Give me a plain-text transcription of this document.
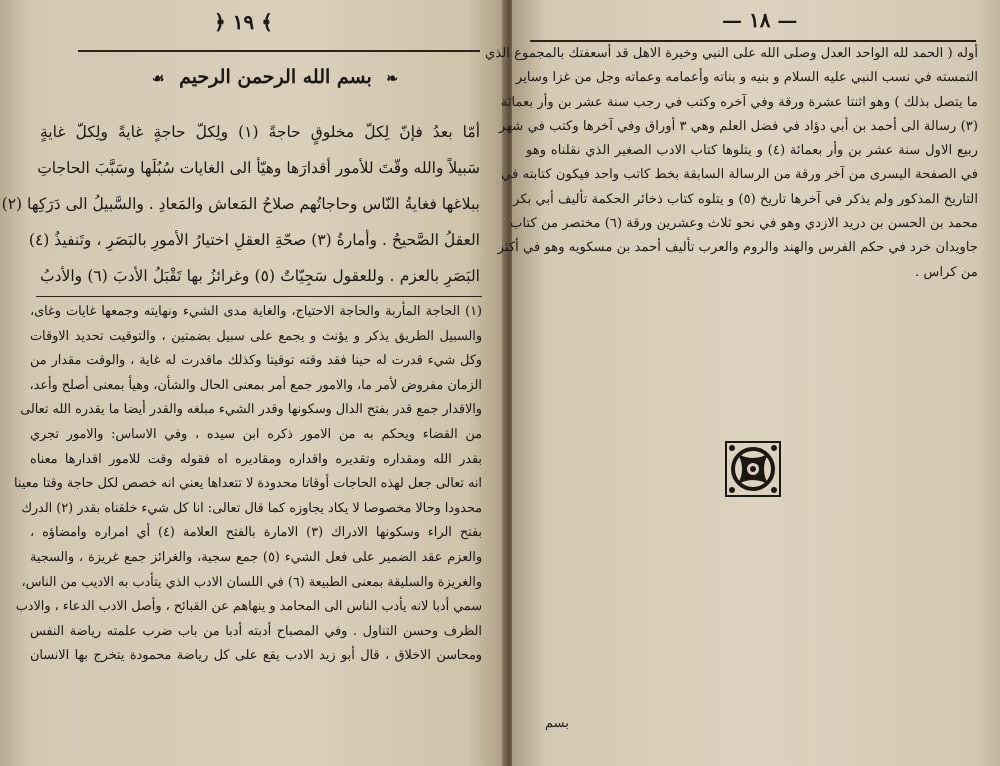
﴿ ١٩ ﴾
❧ بسم الله الرحمن الرحيم ☙
أمّا بعدُ فإنّ لِكلّ مخلوقٍ حاجةً (١) ولِكلّ حاجةٍ غايةً ولِكلّ غايةٍ
سَبيلاً والله وقّتَ للأمور أقدارَها وهيّأ الى الغايات سُبُلَها وسَبَّبَ الحاجاتِ
ببلاغها فغايةُ النّاس وحاجاتُهم صلاحُ المَعاش والمَعادِ . والسَّبيلُ الى دَرَكِها (٢)
العقلُ الصَّحيحُ . وأمارةُ (٣) صحّةِ العقلِ اختيارُ الأمورِ بالبَصَرِ ، وتَنفيذُ (٤)
البَصَرِ بالعزم . وللعقول سَجِيّاتٌ (٥) وغرائزُ بها تَقْبَلُ الأدبَ (٦) والأدبُ
(١) الحاجة المأربة والحاجة الاحتياج، والغاية مدى الشيء ونهايته وجمعها غايات وغاى،
والسبيل الطريق يذكر و يؤنث و يجمع على سبيل بضمتين ، والتوقيت تحديد الاوقات
وكل شيء قدرت له حينا فقد وقته توقيتا وكذلك ماقدرت له غاية ، والوقت مقدار من
الزمان مفروض لأمر ما، والامور جمع أمر بمعنى الحال والشأن، وهيأ بمعنى أصلح وأعد،
والاقدار جمع قدر بفتح الدال وسكونها وقدر الشيء مبلغه والقدر أيضا ما يقدره الله تعالى
من القضاء ويحكم به من الامور ذكره ابن سيده ، وفي الاساس: والامور تجري
بقدر الله ومقداره وتقديره واقداره ومقاديره اه فقوله وقت للامور اقدارها معناه
انه تعالى جعل لهذه الحاجات أوقاتا محدودة لا تتعداها يعني انه خصص لكل حاجة وقتا معينا
محدودا وحالا مخصوصا لا يكاد يجاوزه كما قال تعالى: انا كل شيء خلقناه بقدر (٢) الدرك
بفتح الراء وسكونها الادراك (٣) الامارة بالفتح العلامة (٤) أي امراره وامضاؤه ،
والعزم عقد الضمير على فعل الشيء (٥) جمع سجية، والغرائز جمع غريزة ، والسجية
والغريزة والسليقة بمعنى الطبيعة (٦) في اللسان الادب الذي يتأدب به الاديب من الناس،
سمي أدبا لانه يأدب الناس الى المحامد و ينهاهم عن القبائح ، وأصل الادب الدعاء ، والادب
الظرف وحسن التناول . وفي المصباح أدبته أدبا من باب ضرب علمته رياضة النفس
ومحاسن الاخلاق ، قال أبو زيد الادب يقع على كل رياضة محمودة يتخرج بها الانسان
— ١٨ —
أوله ( الحمد لله الواحد العدل وصلى الله على النبي وخيرة الاهل قد أسعفتك بالمجموع الذي
التمسته في نسب النبي عليه السلام و بنيه و بناته وأعمامه وعماته وجل من غزا وساير
ما يتصل بذلك ) وهو اثنتا عشرة ورقة وفي آخره وكتب في رجب سنة عشر بن وأر بعمائة
(٣) رسالة الى أحمد بن أبي دؤاد في فضل العلم وهي ٣ أوراق وفي آخرها وكتب في شهر
ربيع الاول سنة عشر بن وأر بعمائة (٤) و يتلوها كتاب الادب الصغير الذي نقلناه وهو
في الصفحة اليسرى من آخر ورقة من الرسالة السابقة بخط كاتب واحد فيكون كتابته في
التاريخ المذكور ولم يذكر في آخرها تاريخ (٥) و يتلوه كتاب ذخائر الحكمة تأليف أبي بكر
محمد بن الحسن بن دريد الازدي وهو في نحو ثلاث وعشرين ورقة (٦) مختصر من كتاب
جاويدان خرد في حكم الفرس والهند والروم والعرب تأليف أحمد بن مسكويه وهو في أكثر
من كراس .
بسم
